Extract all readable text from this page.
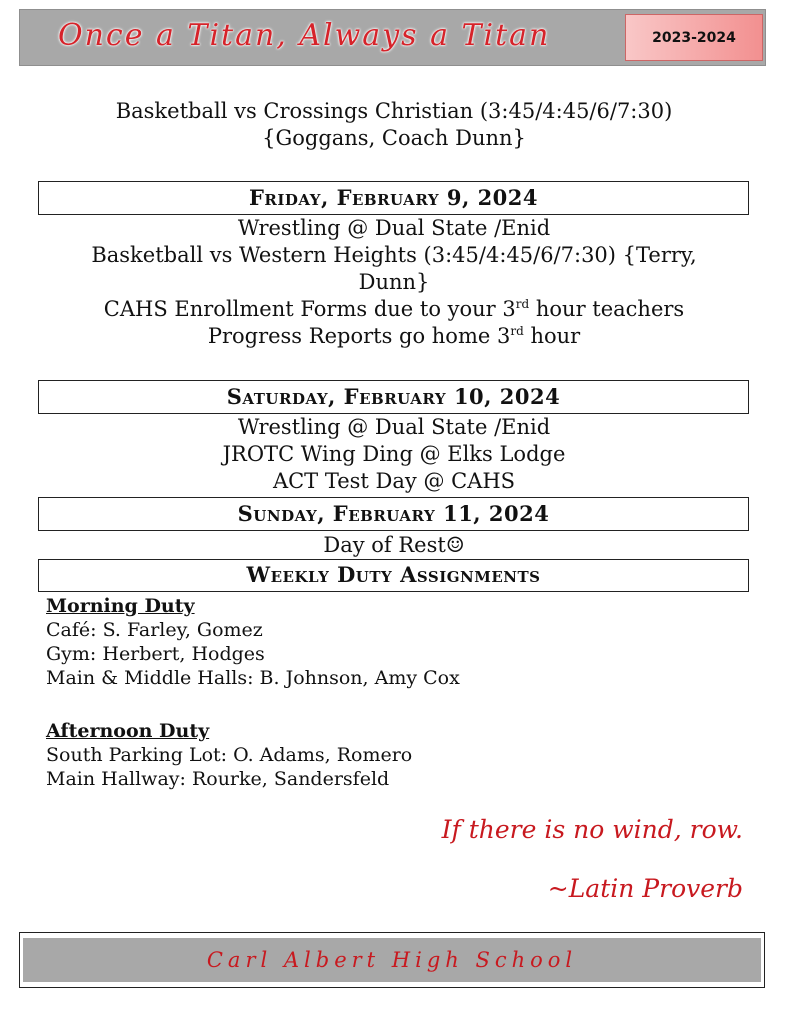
Once a Titan, Always a Titan	2023-2024
Basketball vs Crossings Christian (3:45/4:45/6/7:30)
{Goggans, Coach Dunn}
Friday, February 9, 2024
Wrestling @ Dual State /Enid
Basketball vs Western Heights (3:45/4:45/6/7:30) {Terry,
Dunn}
CAHS Enrollment Forms due to your 3rd hour teachers
Progress Reports go home 3rd hour
Saturday, February 10, 2024
Wrestling @ Dual State /Enid
JROTC Wing Ding @ Elks Lodge
ACT Test Day @ CAHS
Sunday, February 11, 2024
Day of Rest☺
Weekly Duty Assignments
Morning Duty
Café: S. Farley, Gomez
Gym: Herbert, Hodges
Main & Middle Halls: B. Johnson, Amy Cox
Afternoon Duty
South Parking Lot: O. Adams, Romero
Main Hallway: Rourke, Sandersfeld
If there is no wind, row.
~Latin Proverb
Carl Albert High School
